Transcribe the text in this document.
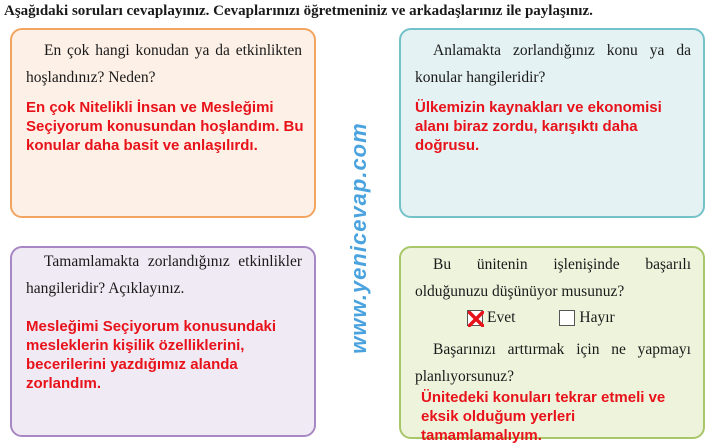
Aşağıdaki soruları cevaplayınız. Cevaplarınızı öğretmeniniz ve arkadaşlarınız ile paylaşınız.

En çok hangi konudan ya da etkinlikten hoşlandınız? Neden?

En çok Nitelikli İnsan ve Mesleğimi Seçiyorum konusundan hoşlandım. Bu konular daha basit ve anlaşılırdı.

Anlamakta zorlandığınız konu ya da konular hangileridir?

Ülkemizin kaynakları ve ekonomisi alanı biraz zordu, karışıktı daha doğrusu.

Tamamlamakta zorlandığınız etkinlikler hangileridir? Açıklayınız.

Mesleğimi Seçiyorum konusundaki mesleklerin kişilik özelliklerini, becerilerini yazdığımız alanda zorlandım.

Bu ünitenin işlenişinde başarılı olduğunuzu düşünüyor musunuz?

Evet	Hayır

Başarınızı arttırmak için ne yapmayı planlıyorsunuz?

Ünitedeki konuları tekrar etmeli ve eksik olduğum yerleri tamamlamalıyım.
www.yenicevap.com
